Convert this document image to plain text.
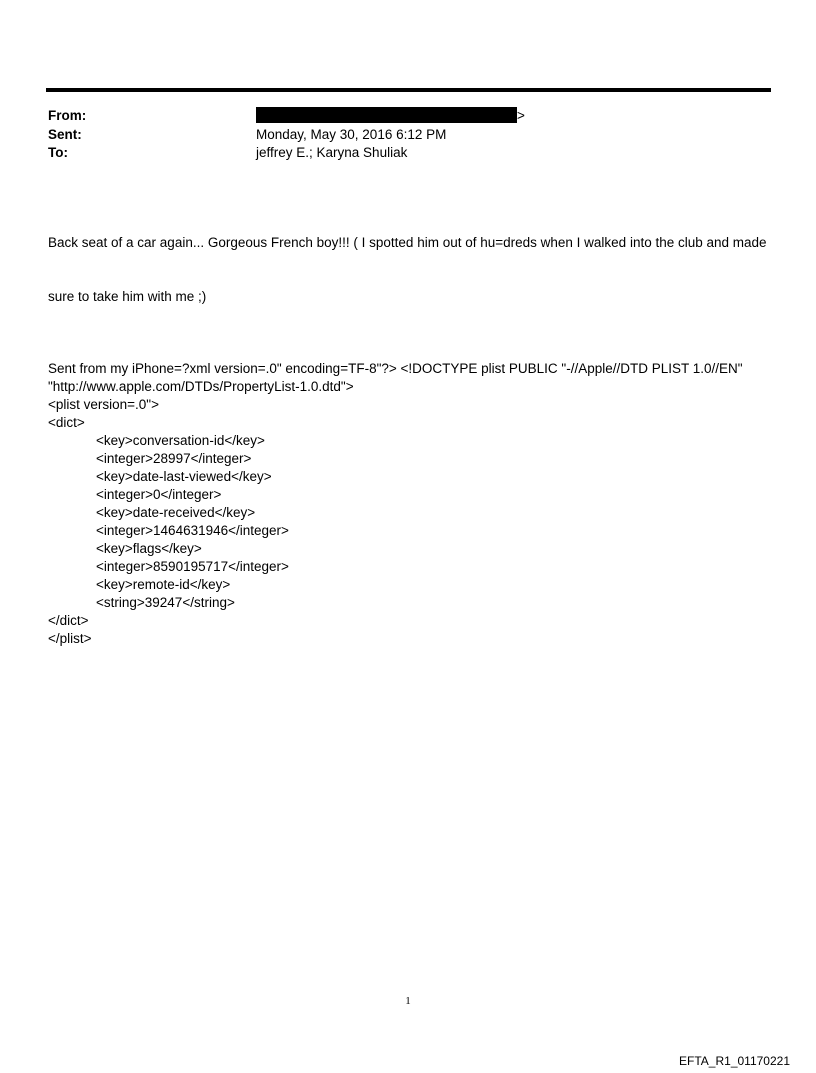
From:	>
Sent:	Monday, May 30, 2016 6:12 PM
To:	jeffrey E.; Karyna Shuliak

Back seat of a car again... Gorgeous French boy!!! ( I spotted him out of hu=dreds when I walked into the club and made

sure to take him with me ;)

Sent from my iPhone=?xml version=.0" encoding=TF-8"?> <!DOCTYPE plist PUBLIC "-//Apple//DTD PLIST 1.0//EN"
"http://www.apple.com/DTDs/PropertyList-1.0.dtd">
<plist version=.0">
<dict>
<key>conversation-id</key>
<integer>28997</integer>
<key>date-last-viewed</key>
<integer>0</integer>
<key>date-received</key>
<integer>1464631946</integer>
<key>flags</key>
<integer>8590195717</integer>
<key>remote-id</key>
<string>39247</string>
</dict>
</plist>
1
EFTA_R1_01170221
